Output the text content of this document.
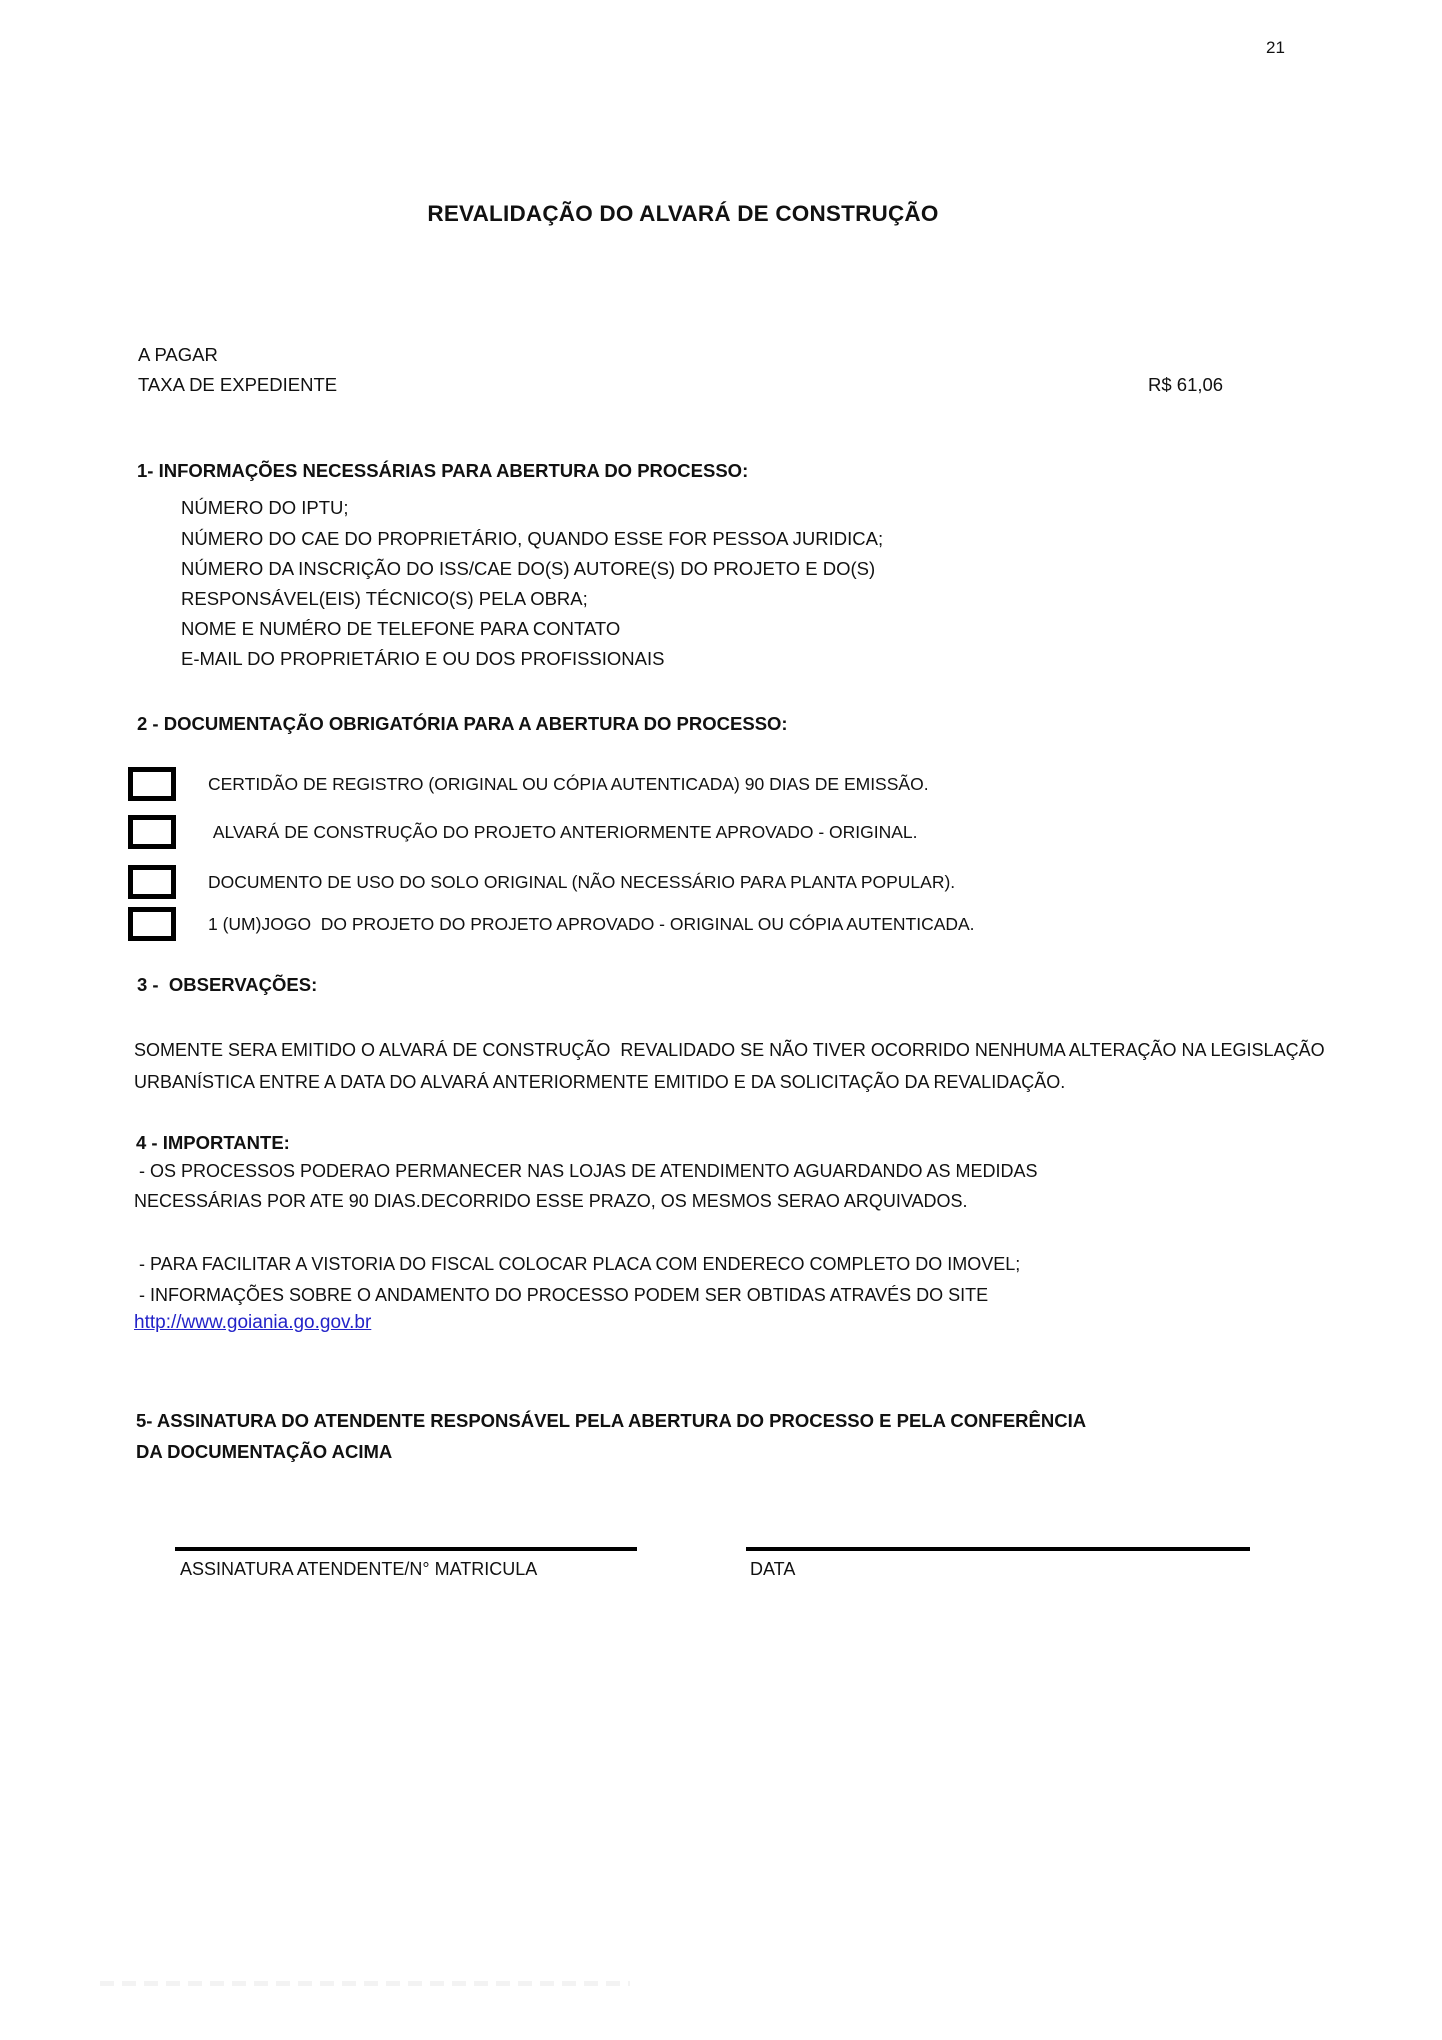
21
REVALIDAÇÃO DO ALVARÁ DE CONSTRUÇÃO
A PAGAR
TAXA DE EXPEDIENTE	R$ 61,06
1- INFORMAÇÕES NECESSÁRIAS PARA ABERTURA DO PROCESSO:
NÚMERO DO IPTU;
NÚMERO DO CAE DO PROPRIETÁRIO, QUANDO ESSE FOR PESSOA JURIDICA;
NÚMERO DA INSCRIÇÃO DO ISS/CAE DO(S) AUTORE(S) DO PROJETO E DO(S)
RESPONSÁVEL(EIS) TÉCNICO(S) PELA OBRA;
NOME E NUMÉRO DE TELEFONE PARA CONTATO
E-MAIL DO PROPRIETÁRIO E OU DOS PROFISSIONAIS
2 - DOCUMENTAÇÃO OBRIGATÓRIA PARA A ABERTURA DO PROCESSO:
CERTIDÃO DE REGISTRO (ORIGINAL OU CÓPIA AUTENTICADA) 90 DIAS DE EMISSÃO.
ALVARÁ DE CONSTRUÇÃO DO PROJETO ANTERIORMENTE APROVADO - ORIGINAL.
DOCUMENTO DE USO DO SOLO ORIGINAL (NÃO NECESSÁRIO PARA PLANTA POPULAR).
1 (UM)JOGO  DO PROJETO DO PROJETO APROVADO - ORIGINAL OU CÓPIA AUTENTICADA.
3 -  OBSERVAÇÕES:
SOMENTE SERA EMITIDO O ALVARÁ DE CONSTRUÇÃO  REVALIDADO SE NÃO TIVER OCORRIDO NENHUMA ALTERAÇÃO NA LEGISLAÇÃO
URBANÍSTICA ENTRE A DATA DO ALVARÁ ANTERIORMENTE EMITIDO E DA SOLICITAÇÃO DA REVALIDAÇÃO.
4 - IMPORTANTE:
- OS PROCESSOS PODERAO PERMANECER NAS LOJAS DE ATENDIMENTO AGUARDANDO AS MEDIDAS
NECESSÁRIAS POR ATE 90 DIAS.DECORRIDO ESSE PRAZO, OS MESMOS SERAO ARQUIVADOS.
- PARA FACILITAR A VISTORIA DO FISCAL COLOCAR PLACA COM ENDERECO COMPLETO DO IMOVEL;
- INFORMAÇÕES SOBRE O ANDAMENTO DO PROCESSO PODEM SER OBTIDAS ATRAVÉS DO SITE
http://www.goiania.go.gov.br
5- ASSINATURA DO ATENDENTE RESPONSÁVEL PELA ABERTURA DO PROCESSO E PELA CONFERÊNCIA
DA DOCUMENTAÇÃO ACIMA
ASSINATURA ATENDENTE/N° MATRICULA	DATA
